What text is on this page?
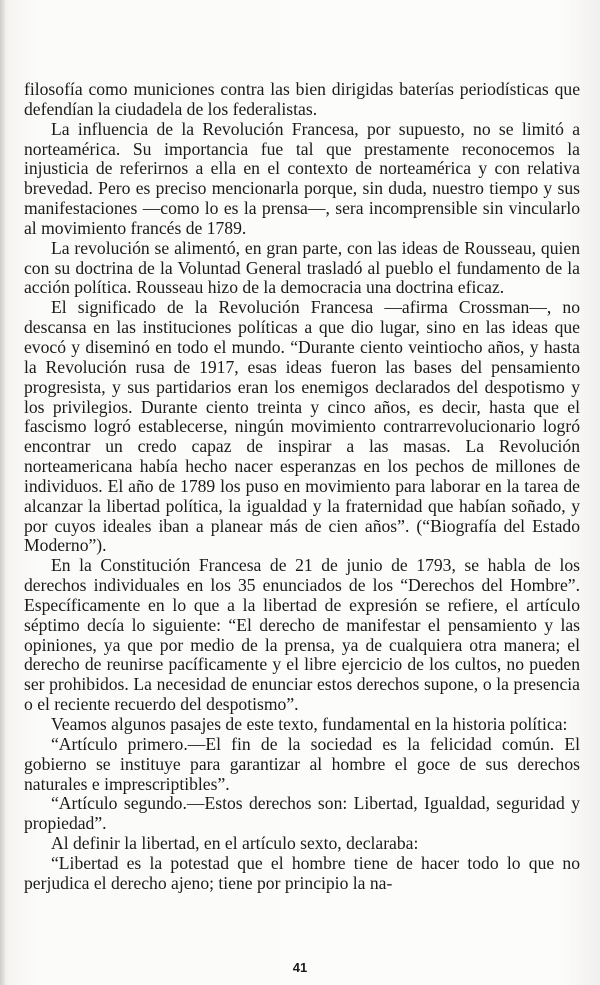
filosofía como municiones contra las bien dirigidas baterías periodísticas que defendían la ciudadela de los federalistas.

La influencia de la Revolución Francesa, por supuesto, no se limitó a norteamérica. Su importancia fue tal que prestamente reconocemos la injusticia de referirnos a ella en el contexto de norteamérica y con relativa brevedad. Pero es preciso mencionarla porque, sin duda, nuestro tiempo y sus manifestaciones —como lo es la prensa—, sera incomprensible sin vincularlo al movimiento francés de 1789.

La revolución se alimentó, en gran parte, con las ideas de Rousseau, quien con su doctrina de la Voluntad General trasladó al pueblo el fundamento de la acción política. Rousseau hizo de la democracia una doctrina eficaz.

El significado de la Revolución Francesa —afirma Crossman—, no descansa en las instituciones políticas a que dio lugar, sino en las ideas que evocó y diseminó en todo el mundo. “Durante ciento veintiocho años, y hasta la Revolución rusa de 1917, esas ideas fueron las bases del pensamiento progresista, y sus partidarios eran los enemigos declarados del despotismo y los privilegios. Durante ciento treinta y cinco años, es decir, hasta que el fascismo logró establecerse, ningún movimiento contrarrevolucionario logró encontrar un credo capaz de inspirar a las masas. La Revolución norteamericana había hecho nacer esperanzas en los pechos de millones de individuos. El año de 1789 los puso en movimiento para laborar en la tarea de alcanzar la libertad política, la igualdad y la fraternidad que habían soñado, y por cuyos ideales iban a planear más de cien años”. (“Biografía del Estado Moderno”).

En la Constitución Francesa de 21 de junio de 1793, se habla de los derechos individuales en los 35 enunciados de los “Derechos del Hombre”. Específicamente en lo que a la libertad de expresión se refiere, el artículo séptimo decía lo siguiente: “El derecho de manifestar el pensamiento y las opiniones, ya que por medio de la prensa, ya de cualquiera otra manera; el derecho de reunirse pacíficamente y el libre ejercicio de los cultos, no pueden ser prohibidos. La necesidad de enunciar estos derechos supone, o la presencia o el reciente recuerdo del despotismo”.

Veamos algunos pasajes de este texto, fundamental en la historia política:

“Artículo primero.—El fin de la sociedad es la felicidad común. El gobierno se instituye para garantizar al hombre el goce de sus derechos naturales e imprescriptibles”.

“Artículo segundo.—Estos derechos son: Libertad, Igualdad, seguridad y propiedad”.

Al definir la libertad, en el artículo sexto, declaraba:

“Libertad es la potestad que el hombre tiene de hacer todo lo que no perjudica el derecho ajeno; tiene por principio la na-

41
